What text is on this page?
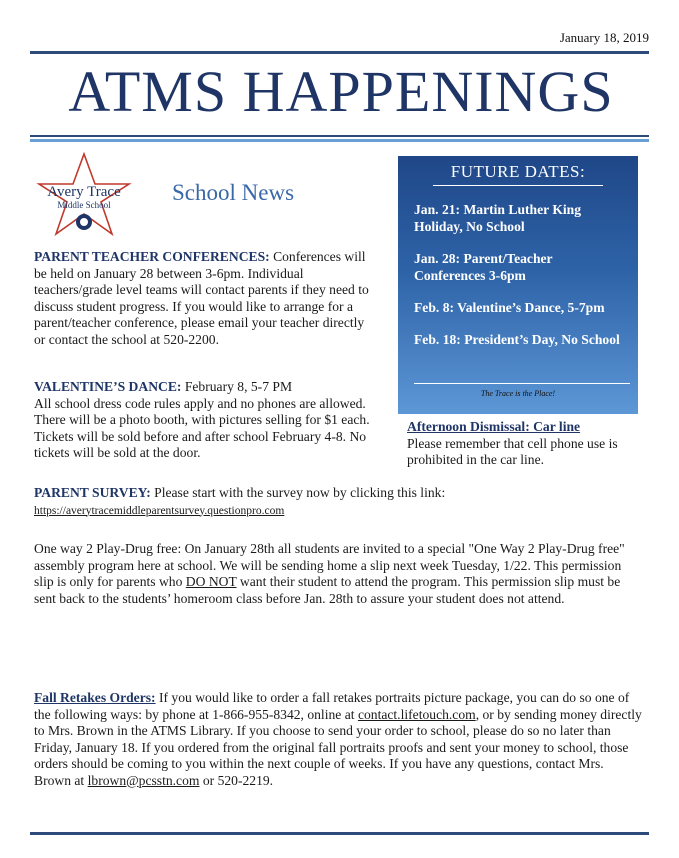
January 18, 2019
ATMS HAPPENINGS
Avery Trace
Middle School	School News
FUTURE DATES:
Jan. 21: Martin Luther King Holiday, No School
Jan. 28: Parent/Teacher Conferences 3-6pm
Feb. 8: Valentine’s Dance, 5-7pm
Feb. 18: President’s Day, No School
The Trace is the Place!
Afternoon Dismissal: Car line
Please remember that cell phone use is prohibited in the car line.
PARENT TEACHER CONFERENCES: Conferences will be held on January 28 between 3-6pm. Individual teachers/grade level teams will contact parents if they need to discuss student progress. If you would like to arrange for a parent/teacher conference, please email your teacher directly or contact the school at 520-2200.
VALENTINE’S DANCE: February 8, 5-7 PM
All school dress code rules apply and no phones are allowed. There will be a photo booth, with pictures selling for $1 each. Tickets will be sold before and after school February 4-8. No tickets will be sold at the door.
PARENT SURVEY: Please start with the survey now by clicking this link:
https://averytracemiddleparentsurvey.questionpro.com
One way 2 Play-Drug free: On January 28th all students are invited to a special "One Way 2 Play-Drug free" assembly program here at school. We will be sending home a slip next week Tuesday, 1/22. This permission slip is only for parents who DO NOT want their student to attend the program. This permission slip must be sent back to the students’ homeroom class before Jan. 28th to assure your student does not attend.
Fall Retakes Orders: If you would like to order a fall retakes portraits picture package, you can do so one of the following ways: by phone at 1-866-955-8342, online at contact.lifetouch.com, or by sending money directly to Mrs. Brown in the ATMS Library. If you choose to send your order to school, please do so no later than Friday, January 18. If you ordered from the original fall portraits proofs and sent your money to school, those orders should be coming to you within the next couple of weeks. If you have any questions, contact Mrs. Brown at lbrown@pcsstn.com or 520-2219.
